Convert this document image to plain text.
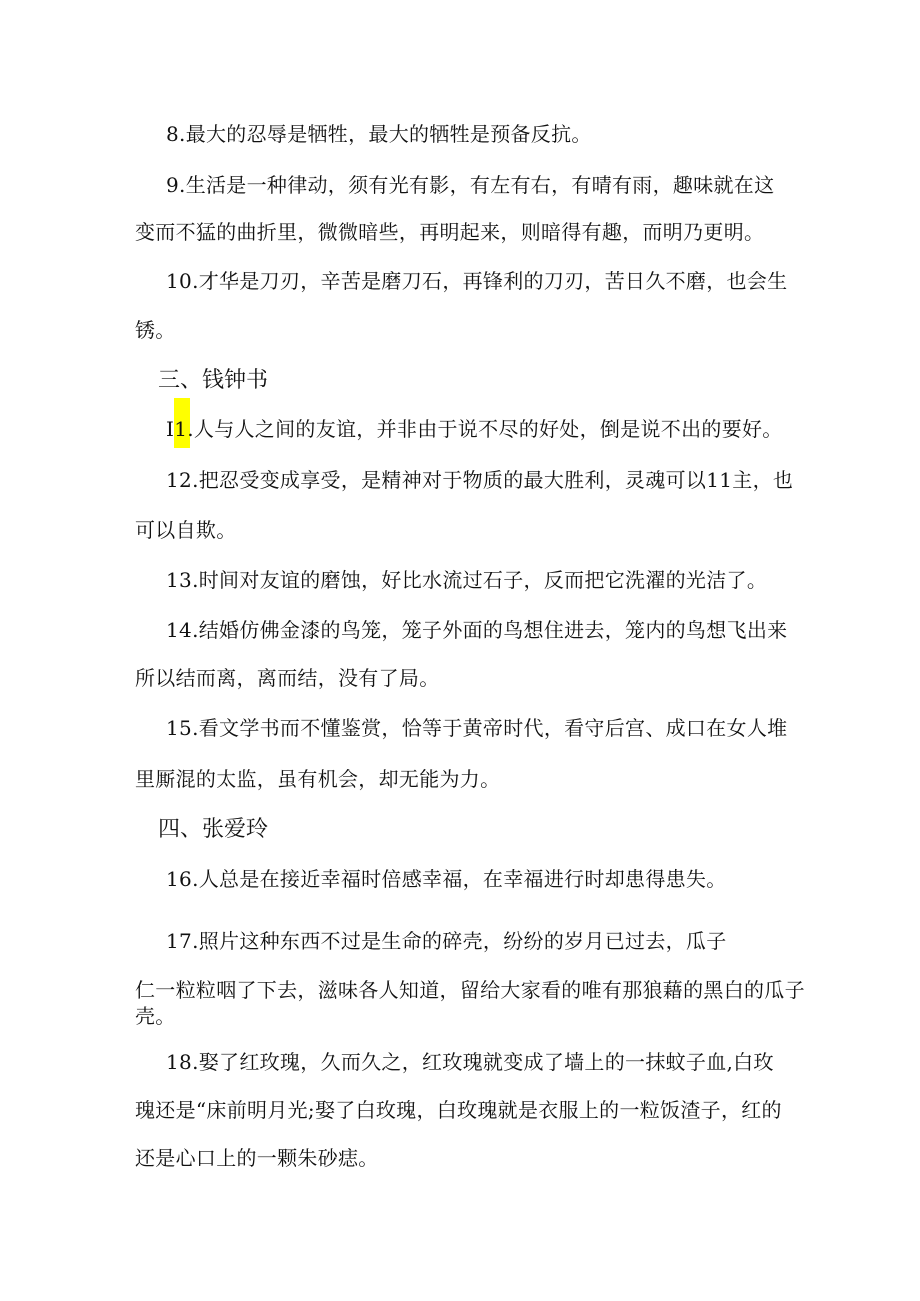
8.最大的忍辱是牺牲，最大的牺牲是预备反抗。
9.生活是一种律动，须有光有影，有左有右，有晴有雨，趣味就在这
变而不猛的曲折里，微微暗些，再明起来，则暗得有趣，而明乃更明。
10.才华是刀刃，辛苦是磨刀石，再锋利的刀刃，苦日久不磨，也会生
锈。
三、钱钟书
I1.人与人之间的友谊，并非由于说不尽的好处，倒是说不出的要好。
12.把忍受变成享受，是精神对于物质的最大胜利，灵魂可以11主，也
可以自欺。
13.时间对友谊的磨蚀，好比水流过石子，反而把它洗濯的光洁了。
14.结婚仿佛金漆的鸟笼，笼子外面的鸟想住进去，笼内的鸟想飞出来
所以结而离，离而结，没有了局。
15.看文学书而不懂鉴赏，恰等于黄帝时代，看守后宫、成口在女人堆
里厮混的太监，虽有机会，却无能为力。
四、张爱玲
16.人总是在接近幸福时倍感幸福，在幸福进行时却患得患失。
17.照片这种东西不过是生命的碎壳，纷纷的岁月已过去，瓜子
仁一粒粒咽了下去，滋味各人知道，留给大家看的唯有那狼藉的黑白的瓜子
壳。
18.娶了红玫瑰，久而久之，红玫瑰就变成了墙上的一抹蚊子血,白玫
瑰还是“床前明月光;娶了白玫瑰，白玫瑰就是衣服上的一粒饭渣子，红的
还是心口上的一颗朱砂痣。
